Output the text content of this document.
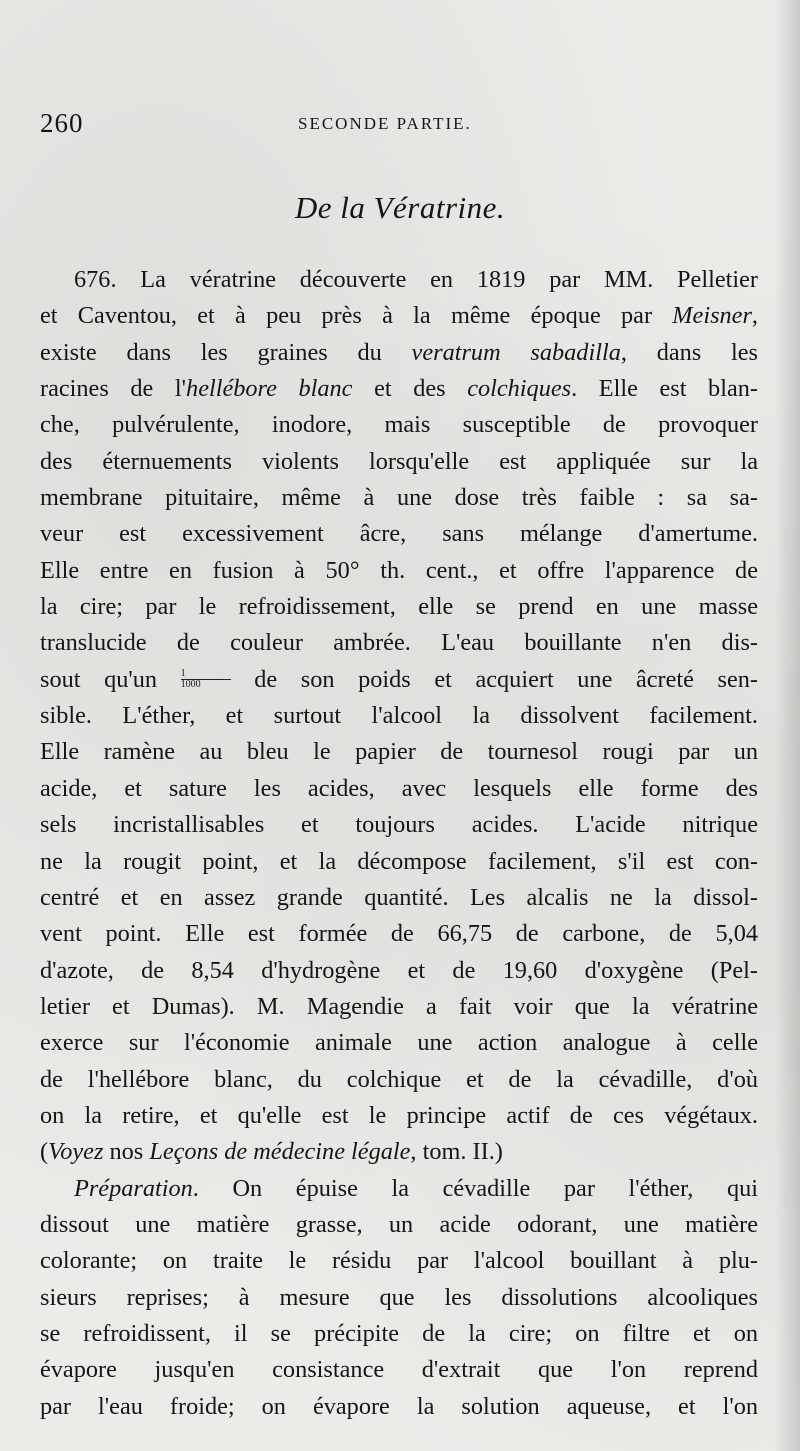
260	SECONDE PARTIE.
De la Vératrine.
676. La vératrine découverte en 1819 par MM. Pelletier
et Caventou, et à peu près à la même époque par Meisner,
existe dans les graines du veratrum sabadilla, dans les
racines de l'hellébore blanc et des colchiques. Elle est blan-
che, pulvérulente, inodore, mais susceptible de provoquer
des éternuements violents lorsqu'elle est appliquée sur la
membrane pituitaire, même à une dose très faible : sa sa-
veur est excessivement âcre, sans mélange d'amertume.
Elle entre en fusion à 50° th. cent., et offre l'apparence de
la cire; par le refroidissement, elle se prend en une masse
translucide de couleur ambrée. L'eau bouillante n'en dis-
sout $qu'un \frac{1}{1000}$ de son poids et acquiert une âcreté sen-
sible. L'éther, et surtout l'alcool la dissolvent facilement.
Elle ramène au bleu le papier de tournesol rougi par un
acide, et sature les acides, avec lesquels elle forme des
sels incristallisables et toujours acides. L'acide nitrique
ne la rougit point, et la décompose facilement, s'il est con-
centré et en assez grande quantité. Les alcalis ne la dissol-
vent point. Elle est formée de 66,75 de carbone, de 5,04
d'azote, de 8,54 d'hydrogène et de 19,60 d'oxygène (Pel-
letier et Dumas). M. Magendie a fait voir que la vératrine
exerce sur l'économie animale une action analogue à celle
de l'hellébore blanc, du colchique et de la cévadille, d'où
on la retire, et qu'elle est le principe actif de ces végétaux.
(Voyez nos Leçons de médecine légale, tom. II.)
Préparation. On épuise la cévadille par l'éther, qui
dissout une matière grasse, un acide odorant, une matière
colorante; on traite le résidu par l'alcool bouillant à plu-
sieurs reprises; à mesure que les dissolutions alcooliques
se refroidissent, il se précipite de la cire; on filtre et on
évapore jusqu'en consistance d'extrait que l'on reprend
par l'eau froide; on évapore la solution aqueuse, et l'on
